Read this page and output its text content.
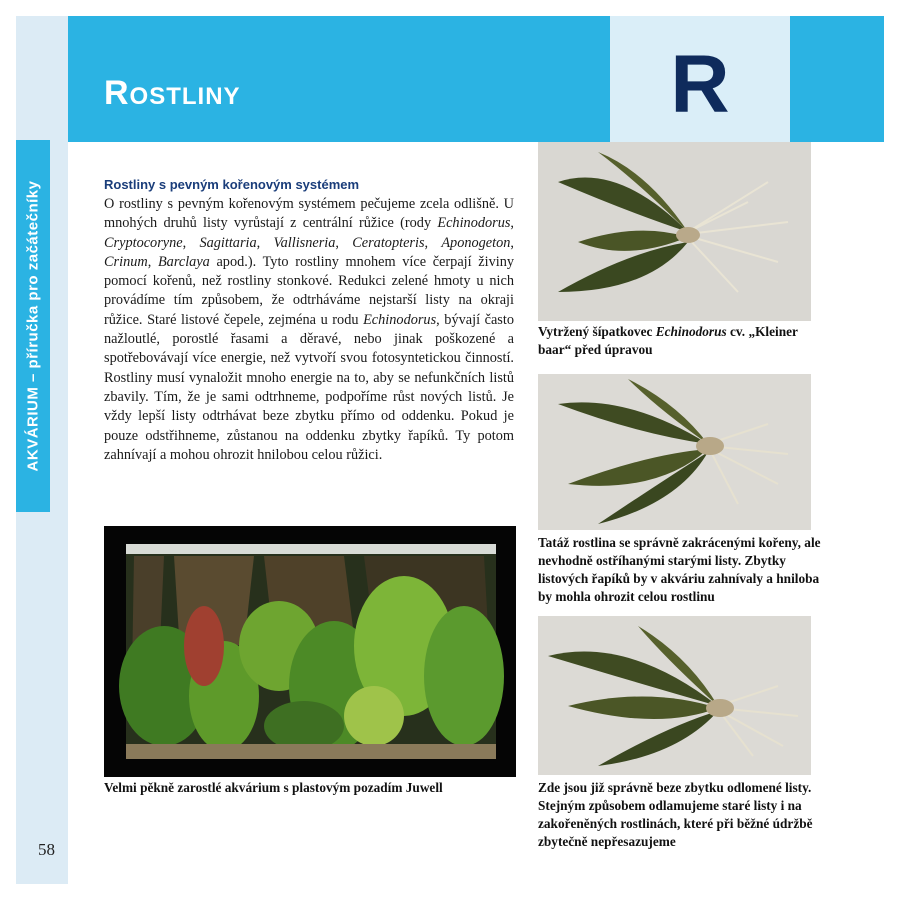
AKVÁRIUM – příručka pro začátečníky
58
Rostliny	R
Rostliny s pevným kořenovým systémem

O rostliny s pevným kořenovým systémem pečujeme zcela odlišně. U mnohých druhů listy vyrůstají z centrální růžice (rody Echinodorus, Cryptocoryne, Sagittaria, Vallisneria, Ceratopteris, Aponogeton, Crinum, Barclaya apod.). Tyto rostliny mnohem více čerpají živiny pomocí kořenů, než rostliny stonkové. Redukci zelené hmoty u nich provádíme tím způsobem, že odtrháváme nejstarší listy na okraji růžice. Staré listové čepele, zejména u rodu Echinodorus, bývají často nažloutlé, porostlé řasami a děravé, nebo jinak poškozené a spotřebovávají více energie, než vytvoří svou fotosyntetickou činností. Rostliny musí vynaložit mnoho energie na to, aby se nefunkčních listů zbavily. Tím, že je sami odtrhneme, podpoříme růst nových listů. Je vždy lepší listy odtrhávat beze zbytku přímo od oddenku. Pokud je pouze odstřihneme, zůstanou na oddenku zbytky řapíků. Ty potom zahnívají a mohou ohrozit hnilobou celou růžici.

Velmi pěkně zarostlé akvárium s plastovým pozadím Juwell
Vytržený šípatkovec Echinodorus cv. „Kleiner baar“ před úpravou
Tatáž rostlina se správně zakrácenými kořeny, ale nevhodně ostříhanými starými listy. Zbytky listových řapíků by v akváriu zahnívaly a hniloba by mohla ohrozit celou rostlinu
Zde jsou již správně beze zbytku odlomené listy. Stejným způsobem odlamujeme staré listy i na zakořeněných rostlinách, které při běžné údržbě zbytečně nepřesazujeme
